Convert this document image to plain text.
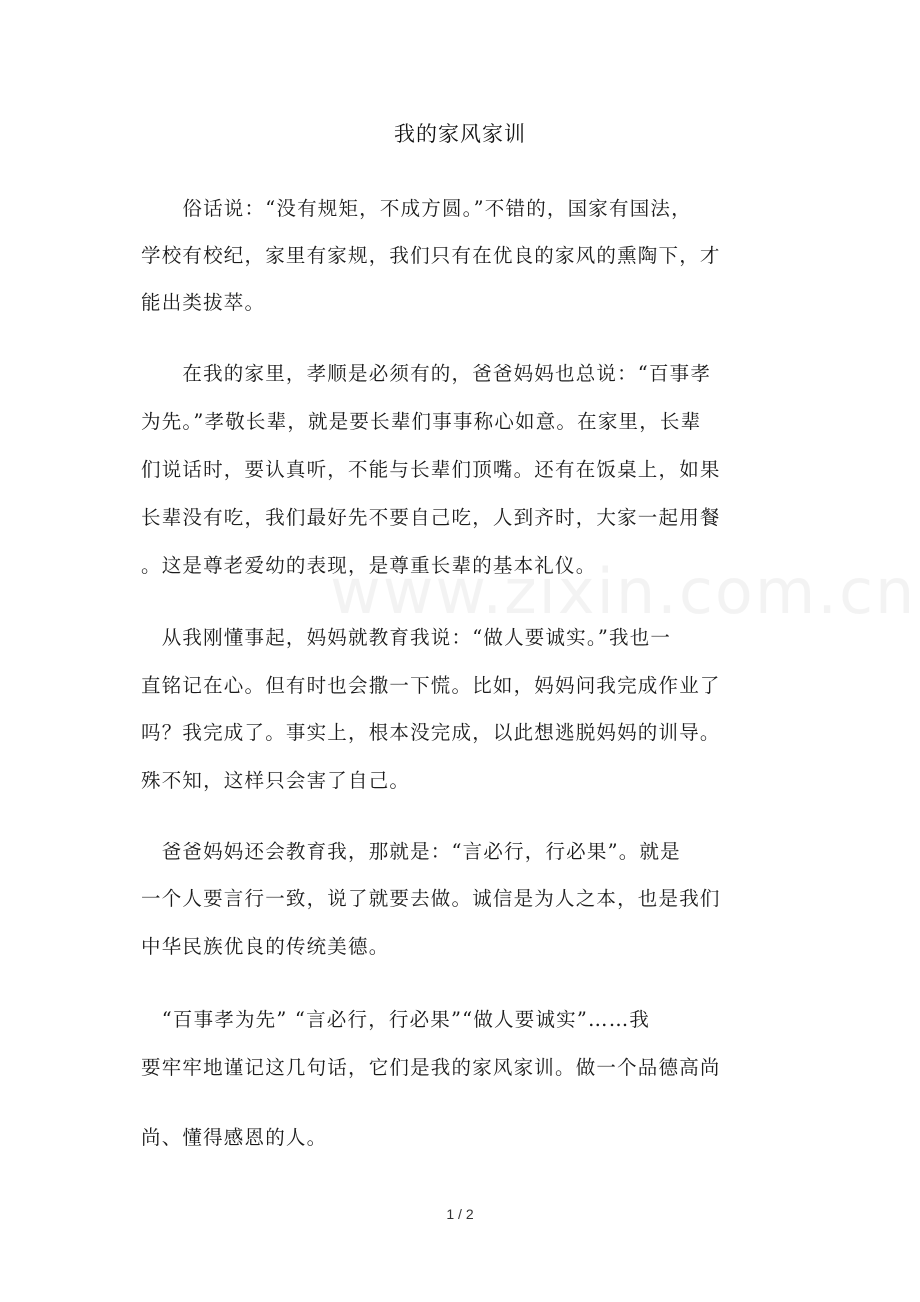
我的家风家训
　　俗话说：“没有规矩，不成方圆。”不错的，国家有国法，
学校有校纪，家里有家规，我们只有在优良的家风的熏陶下，才
能出类拔萃。
　　在我的家里，孝顺是必须有的，爸爸妈妈也总说：“百事孝
为先。”孝敬长辈，就是要长辈们事事称心如意。在家里，长辈
们说话时，要认真听，不能与长辈们顶嘴。还有在饭桌上，如果
长辈没有吃，我们最好先不要自己吃，人到齐时，大家一起用餐
。这是尊老爱幼的表现，是尊重长辈的基本礼仪。
　从我刚懂事起，妈妈就教育我说：“做人要诚实。”我也一
直铭记在心。但有时也会撒一下慌。比如，妈妈问我完成作业了
吗？我完成了。事实上，根本没完成，以此想逃脱妈妈的训导。
殊不知，这样只会害了自己。
　爸爸妈妈还会教育我，那就是：“言必行，行必果”。就是
一个人要言行一致，说了就要去做。诚信是为人之本，也是我们
中华民族优良的传统美德。
　“百事孝为先” “言必行，行必果”“做人要诚实”……我
要牢牢地谨记这几句话，它们是我的家风家训。做一个品德高尚
尚、懂得感恩的人。
1 / 2
